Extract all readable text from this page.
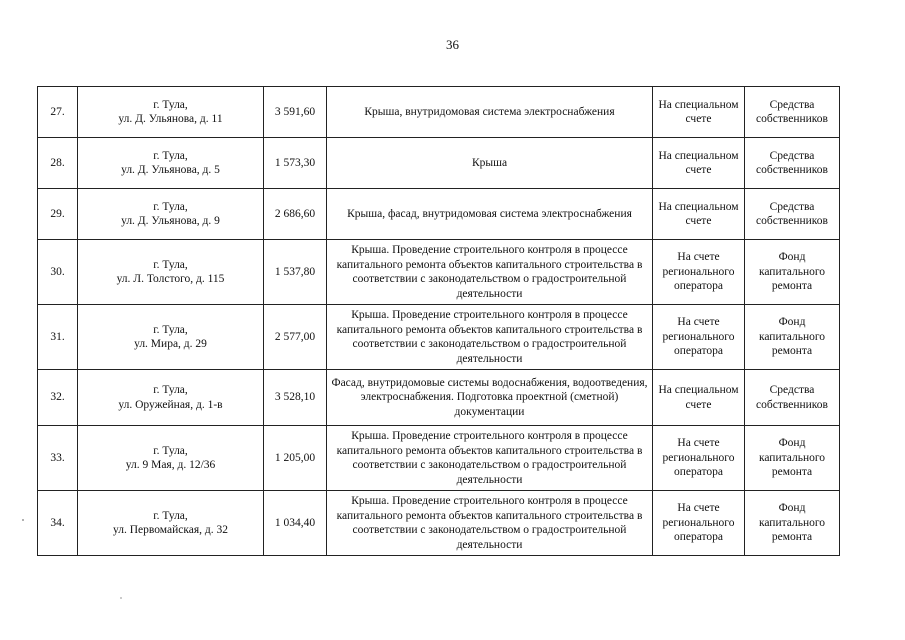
36
27.	г. Тула,
ул. Д. Ульянова, д. 11	3 591,60	Крыша, внутридомовая система электроснабжения	На специальном счете	Средства собственников
28.	г. Тула,
ул. Д. Ульянова, д. 5	1 573,30	Крыша	На специальном счете	Средства собственников
29.	г. Тула,
ул. Д. Ульянова, д. 9	2 686,60	Крыша, фасад, внутридомовая система электроснабжения	На специальном счете	Средства собственников
30.	г. Тула,
ул. Л. Толстого, д. 115	1 537,80	Крыша. Проведение строительного контроля в процессе капитального ремонта объектов капитального строительства в соответствии с законодательством о градостроительной деятельности	На счете регионального оператора	Фонд капитального ремонта
31.	г. Тула,
ул. Мира, д. 29	2 577,00	Крыша. Проведение строительного контроля в процессе капитального ремонта объектов капитального строительства в соответствии с законодательством о градостроительной деятельности	На счете регионального оператора	Фонд капитального ремонта
32.	г. Тула,
ул. Оружейная, д. 1-в	3 528,10	Фасад, внутридомовые системы водоснабжения, водоотведения, электроснабжения. Подготовка проектной (сметной) документации	На специальном счете	Средства собственников
33.	г. Тула,
ул. 9 Мая, д. 12/36	1 205,00	Крыша. Проведение строительного контроля в процессе капитального ремонта объектов капитального строительства в соответствии с законодательством о градостроительной деятельности	На счете регионального оператора	Фонд капитального ремонта
34.	г. Тула,
ул. Первомайская, д. 32	1 034,40	Крыша. Проведение строительного контроля в процессе капитального ремонта объектов капитального строительства в соответствии с законодательством о градостроительной деятельности	На счете регионального оператора	Фонд капитального ремонта
